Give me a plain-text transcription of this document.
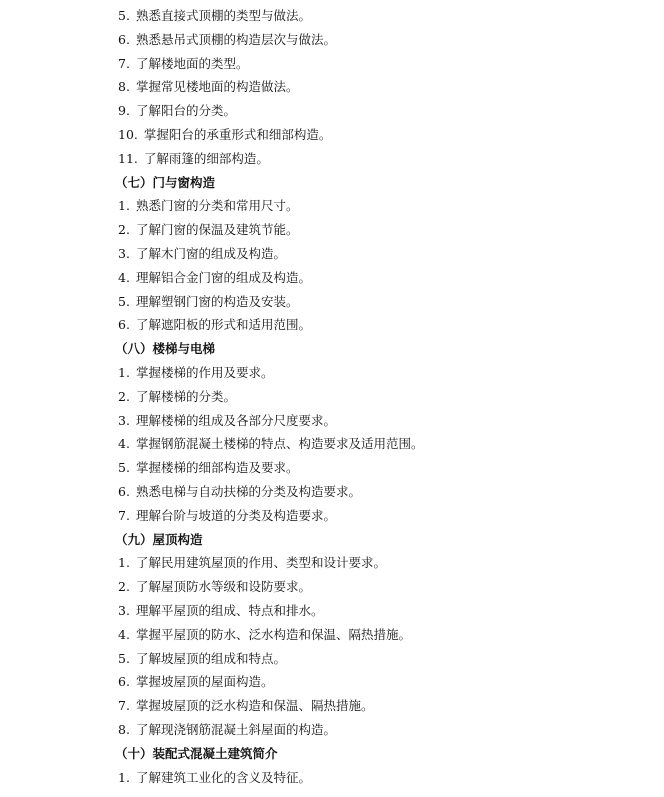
5. 熟悉直接式顶棚的类型与做法。
6. 熟悉悬吊式顶棚的构造层次与做法。
7. 了解楼地面的类型。
8. 掌握常见楼地面的构造做法。
9. 了解阳台的分类。
10. 掌握阳台的承重形式和细部构造。
11. 了解雨篷的细部构造。
（七）门与窗构造
1. 熟悉门窗的分类和常用尺寸。
2. 了解门窗的保温及建筑节能。
3. 了解木门窗的组成及构造。
4. 理解铝合金门窗的组成及构造。
5. 理解塑钢门窗的构造及安装。
6. 了解遮阳板的形式和适用范围。
（八）楼梯与电梯
1. 掌握楼梯的作用及要求。
2. 了解楼梯的分类。
3. 理解楼梯的组成及各部分尺度要求。
4. 掌握钢筋混凝土楼梯的特点、构造要求及适用范围。
5. 掌握楼梯的细部构造及要求。
6. 熟悉电梯与自动扶梯的分类及构造要求。
7. 理解台阶与坡道的分类及构造要求。
（九）屋顶构造
1. 了解民用建筑屋顶的作用、类型和设计要求。
2. 了解屋顶防水等级和设防要求。
3. 理解平屋顶的组成、特点和排水。
4. 掌握平屋顶的防水、泛水构造和保温、隔热措施。
5. 了解坡屋顶的组成和特点。
6. 掌握坡屋顶的屋面构造。
7. 掌握坡屋顶的泛水构造和保温、隔热措施。
8. 了解现浇钢筋混凝土斜屋面的构造。
（十）装配式混凝土建筑简介
1. 了解建筑工业化的含义及特征。
